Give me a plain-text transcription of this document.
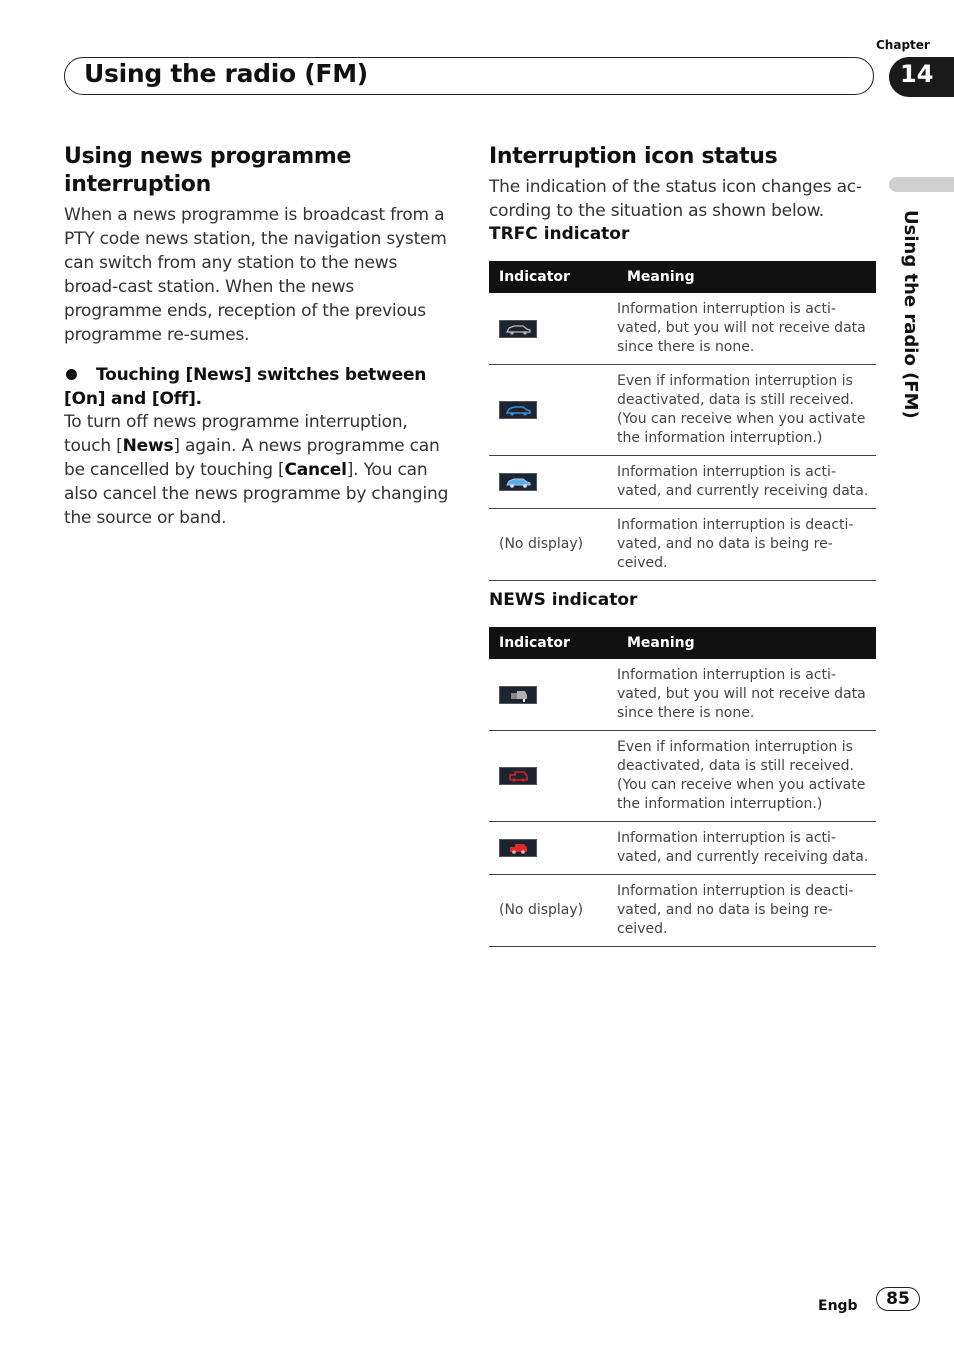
Chapter
Using the radio (FM)	14
Using the radio (FM)
Using news programme interruption
When a news programme is broadcast from a PTY code news station, the navigation system can switch from any station to the news broad-cast station. When the news programme ends, reception of the previous programme re-sumes.
Touching [News] switches between [On] and [Off].
To turn off news programme interruption, touch [News] again. A news programme can be cancelled by touching [Cancel]. You can also cancel the news programme by changing the source or band.
Interruption icon status
The indication of the status icon changes ac-cording to the situation as shown below.
TRFC indicator
Indicator	Meaning

	Information interruption is acti-vated, but you will not receive data since there is none.

	Even if information interruption is deactivated, data is still received. (You can receive when you activate the information interruption.)

	Information interruption is acti-vated, and currently receiving data.
(No display)	Information interruption is deacti-vated, and no data is being re-ceived.
NEWS indicator
Indicator	Meaning

	Information interruption is acti-vated, but you will not receive data since there is none.

	Even if information interruption is deactivated, data is still received. (You can receive when you activate the information interruption.)

	Information interruption is acti-vated, and currently receiving data.
(No display)	Information interruption is deacti-vated, and no data is being re-ceived.
Engb	85
